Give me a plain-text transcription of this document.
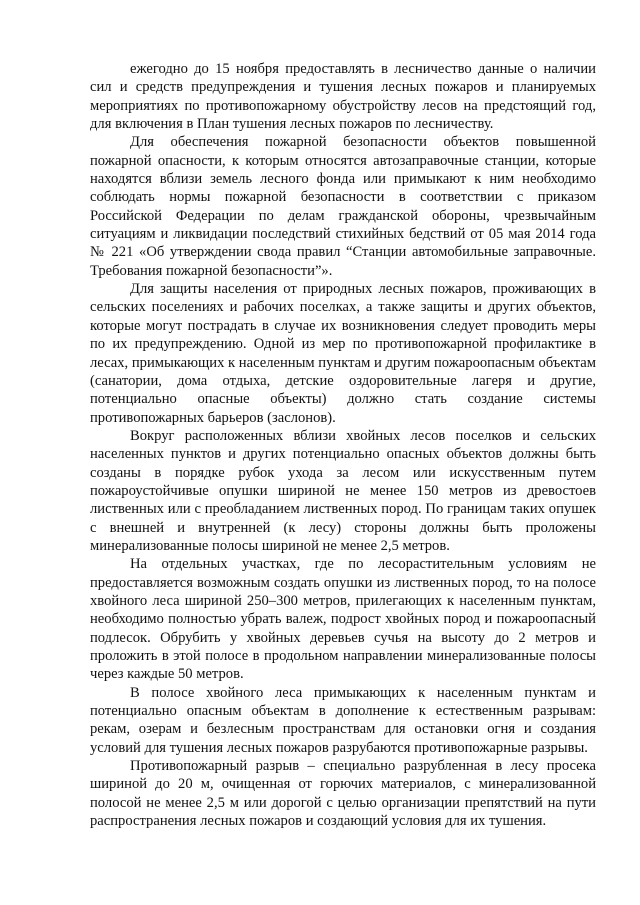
ежегодно до 15 ноября предоставлять в лесничество данные о наличии сил и средств предупреждения и тушения лесных пожаров и планируемых мероприятиях по противопожарному обустройству лесов на предстоящий год, для включения в План тушения лесных пожаров по лесничеству.

Для обеспечения пожарной безопасности объектов повышенной пожарной опасности, к которым относятся автозаправочные станции, которые находятся вблизи земель лесного фонда или примыкают к ним необходимо соблюдать нормы пожарной безопасности в соответствии с приказом Российской Федерации по делам гражданской обороны, чрезвычайным ситуациям и ликвидации последствий стихийных бедствий от 05 мая 2014 года № 221 «Об утверждении свода правил “Станции автомобильные заправочные. Требования пожарной безопасности”».

Для защиты населения от природных лесных пожаров, проживающих в сельских поселениях и рабочих поселках, а также защиты и других объектов, которые могут пострадать в случае их возникновения следует проводить меры по их предупреждению. Одной из мер по противопожарной профилактике в лесах, примыкающих к населенным пунктам и другим пожароопасным объектам (санатории, дома отдыха, детские оздоровительные лагеря и другие, потенциально опасные объекты) должно стать создание системы противопожарных барьеров (заслонов).

Вокруг расположенных вблизи хвойных лесов поселков и сельских населенных пунктов и других потенциально опасных объектов должны быть созданы в порядке рубок ухода за лесом или искусственным путем пожароустойчивые опушки шириной не менее 150 метров из древостоев лиственных или с преобладанием лиственных пород. По границам таких опушек с внешней и внутренней (к лесу) стороны должны быть проложены минерализованные полосы шириной не менее 2,5 метров.

На отдельных участках, где по лесорастительным условиям не предоставляется возможным создать опушки из лиственных пород, то на полосе хвойного леса шириной 250–300 метров, прилегающих к населенным пунктам, необходимо полностью убрать валеж, подрост хвойных пород и пожароопасный подлесок. Обрубить у хвойных деревьев сучья на высоту до 2 метров и проложить в этой полосе в продольном направлении минерализованные полосы через каждые 50 метров.

В полосе хвойного леса примыкающих к населенным пунктам и потенциально опасным объектам в дополнение к естественным разрывам: рекам, озерам и безлесным пространствам для остановки огня и создания условий для тушения лесных пожаров разрубаются противопожарные разрывы.

Противопожарный разрыв – специально разрубленная в лесу просека шириной до 20 м, очищенная от горючих материалов, с минерализованной полосой не менее 2,5 м или дорогой с целью организации препятствий на пути распространения лесных пожаров и создающий условия для их тушения.
